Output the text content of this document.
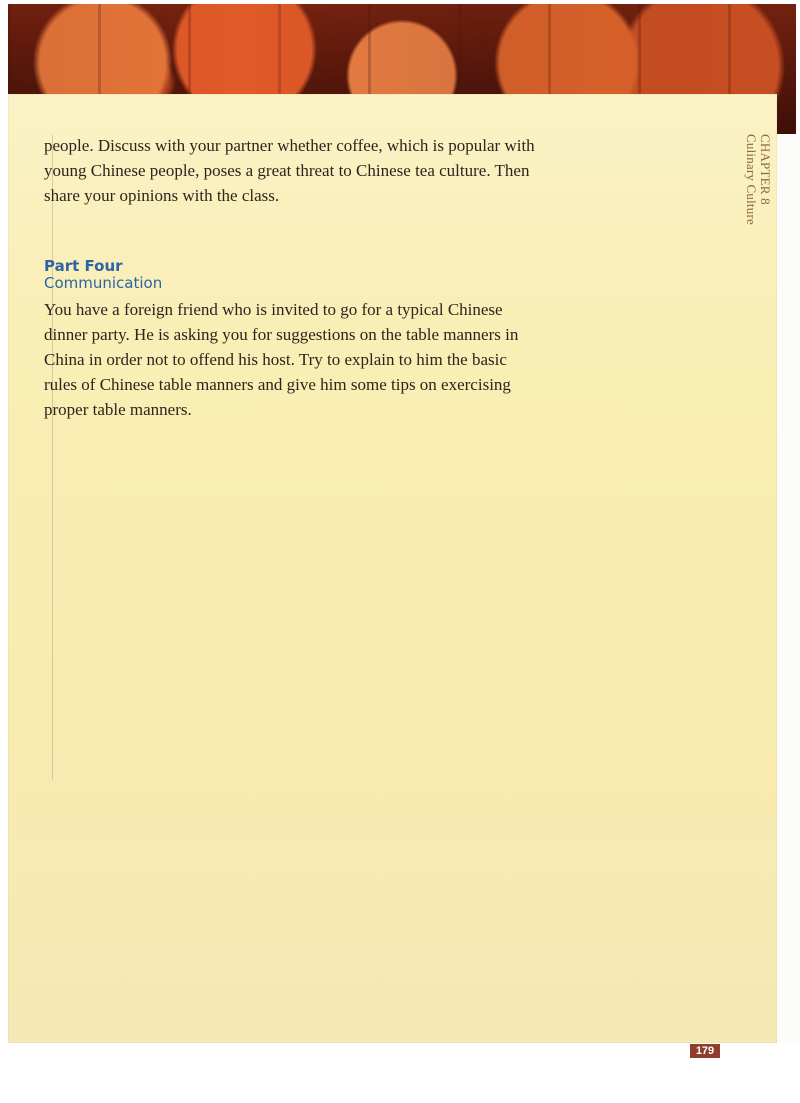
CHAPTER 8
Culinary Culture

people. Discuss with your partner whether coffee, which is popular with young Chinese people, poses a great threat to Chinese tea culture. Then share your opinions with the class.

Part Four
Communication

You have a foreign friend who is invited to go for a typical Chinese dinner party. He is asking you for suggestions on the table manners in China in order not to offend his host. Try to explain to him the basic rules of Chinese table manners and give him some tips on exercising proper table manners.

179
